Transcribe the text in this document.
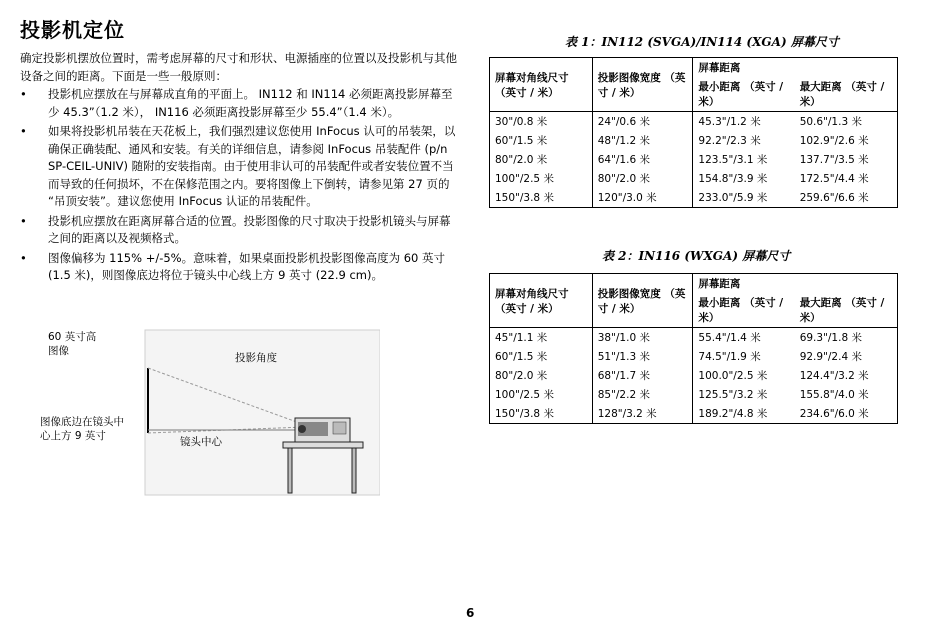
投影机定位
确定投影机摆放位置时，需考虑屏幕的尺寸和形状、电源插座的位置以及投影机与其他设备之间的距离。下面是一些一般原则：
• 投影机应摆放在与屏幕成直角的平面上。 IN112 和 IN114 必须距离投影屏幕至少 45.3”（1.2 米）， IN116 必须距离投影屏幕至少 55.4”（1.4 米）。
• 如果将投影机吊装在天花板上，我们强烈建议您使用 InFocus 认可的吊装架，以确保正确装配、通风和安装。有关的详细信息，请参阅 InFocus 吊装配件 (p/n SP-CEIL-UNIV) 随附的安装指南。由于使用非认可的吊装配件或者安装位置不当而导致的任何损坏，不在保修范围之内。要将图像上下倒转，请参见第 27 页的 “吊顶安装”。建议您使用 InFocus 认证的吊装配件。
• 投影机应摆放在距离屏幕合适的位置。投影图像的尺寸取决于投影机镜头与屏幕之间的距离以及视频格式。
• 图像偏移为 115% +/-5%。意味着，如果桌面投影机投影图像高度为 60 英寸 (1.5 米)，则图像底边将位于镜头中心线上方 9 英寸 (22.9 cm)。
60 英寸高
图像
投影角度
图像底边在镜头中
心上方 9 英寸	镜头中心
表 1：IN112 (SVGA)/IN114 (XGA) 屏幕尺寸
屏幕对角线尺寸 （英寸 / 米）	投影图像宽度 （英寸 / 米）	屏幕距离	
		最小距离 （英寸 / 米）	最大距离 （英寸 / 米）
30"/0.8 米	24"/0.6 米	45.3"/1.2 米	50.6"/1.3 米
60"/1.5 米	48"/1.2 米	92.2"/2.3 米	102.9"/2.6 米
80"/2.0 米	64"/1.6 米	123.5"/3.1 米	137.7"/3.5 米
100"/2.5 米	80"/2.0 米	154.8"/3.9 米	172.5"/4.4 米
150"/3.8 米	120"/3.0 米	233.0"/5.9 米	259.6"/6.6 米
表 2：IN116 (WXGA) 屏幕尺寸
屏幕对角线尺寸 （英寸 / 米）	投影图像宽度 （英寸 / 米）	屏幕距离	
		最小距离 （英寸 / 米）	最大距离 （英寸 / 米）
45"/1.1 米	38"/1.0 米	55.4"/1.4 米	69.3"/1.8 米
60"/1.5 米	51"/1.3 米	74.5"/1.9 米	92.9"/2.4 米
80"/2.0 米	68"/1.7 米	100.0"/2.5 米	124.4"/3.2 米
100"/2.5 米	85"/2.2 米	125.5"/3.2 米	155.8"/4.0 米
150"/3.8 米	128"/3.2 米	189.2"/4.8 米	234.6"/6.0 米
6
